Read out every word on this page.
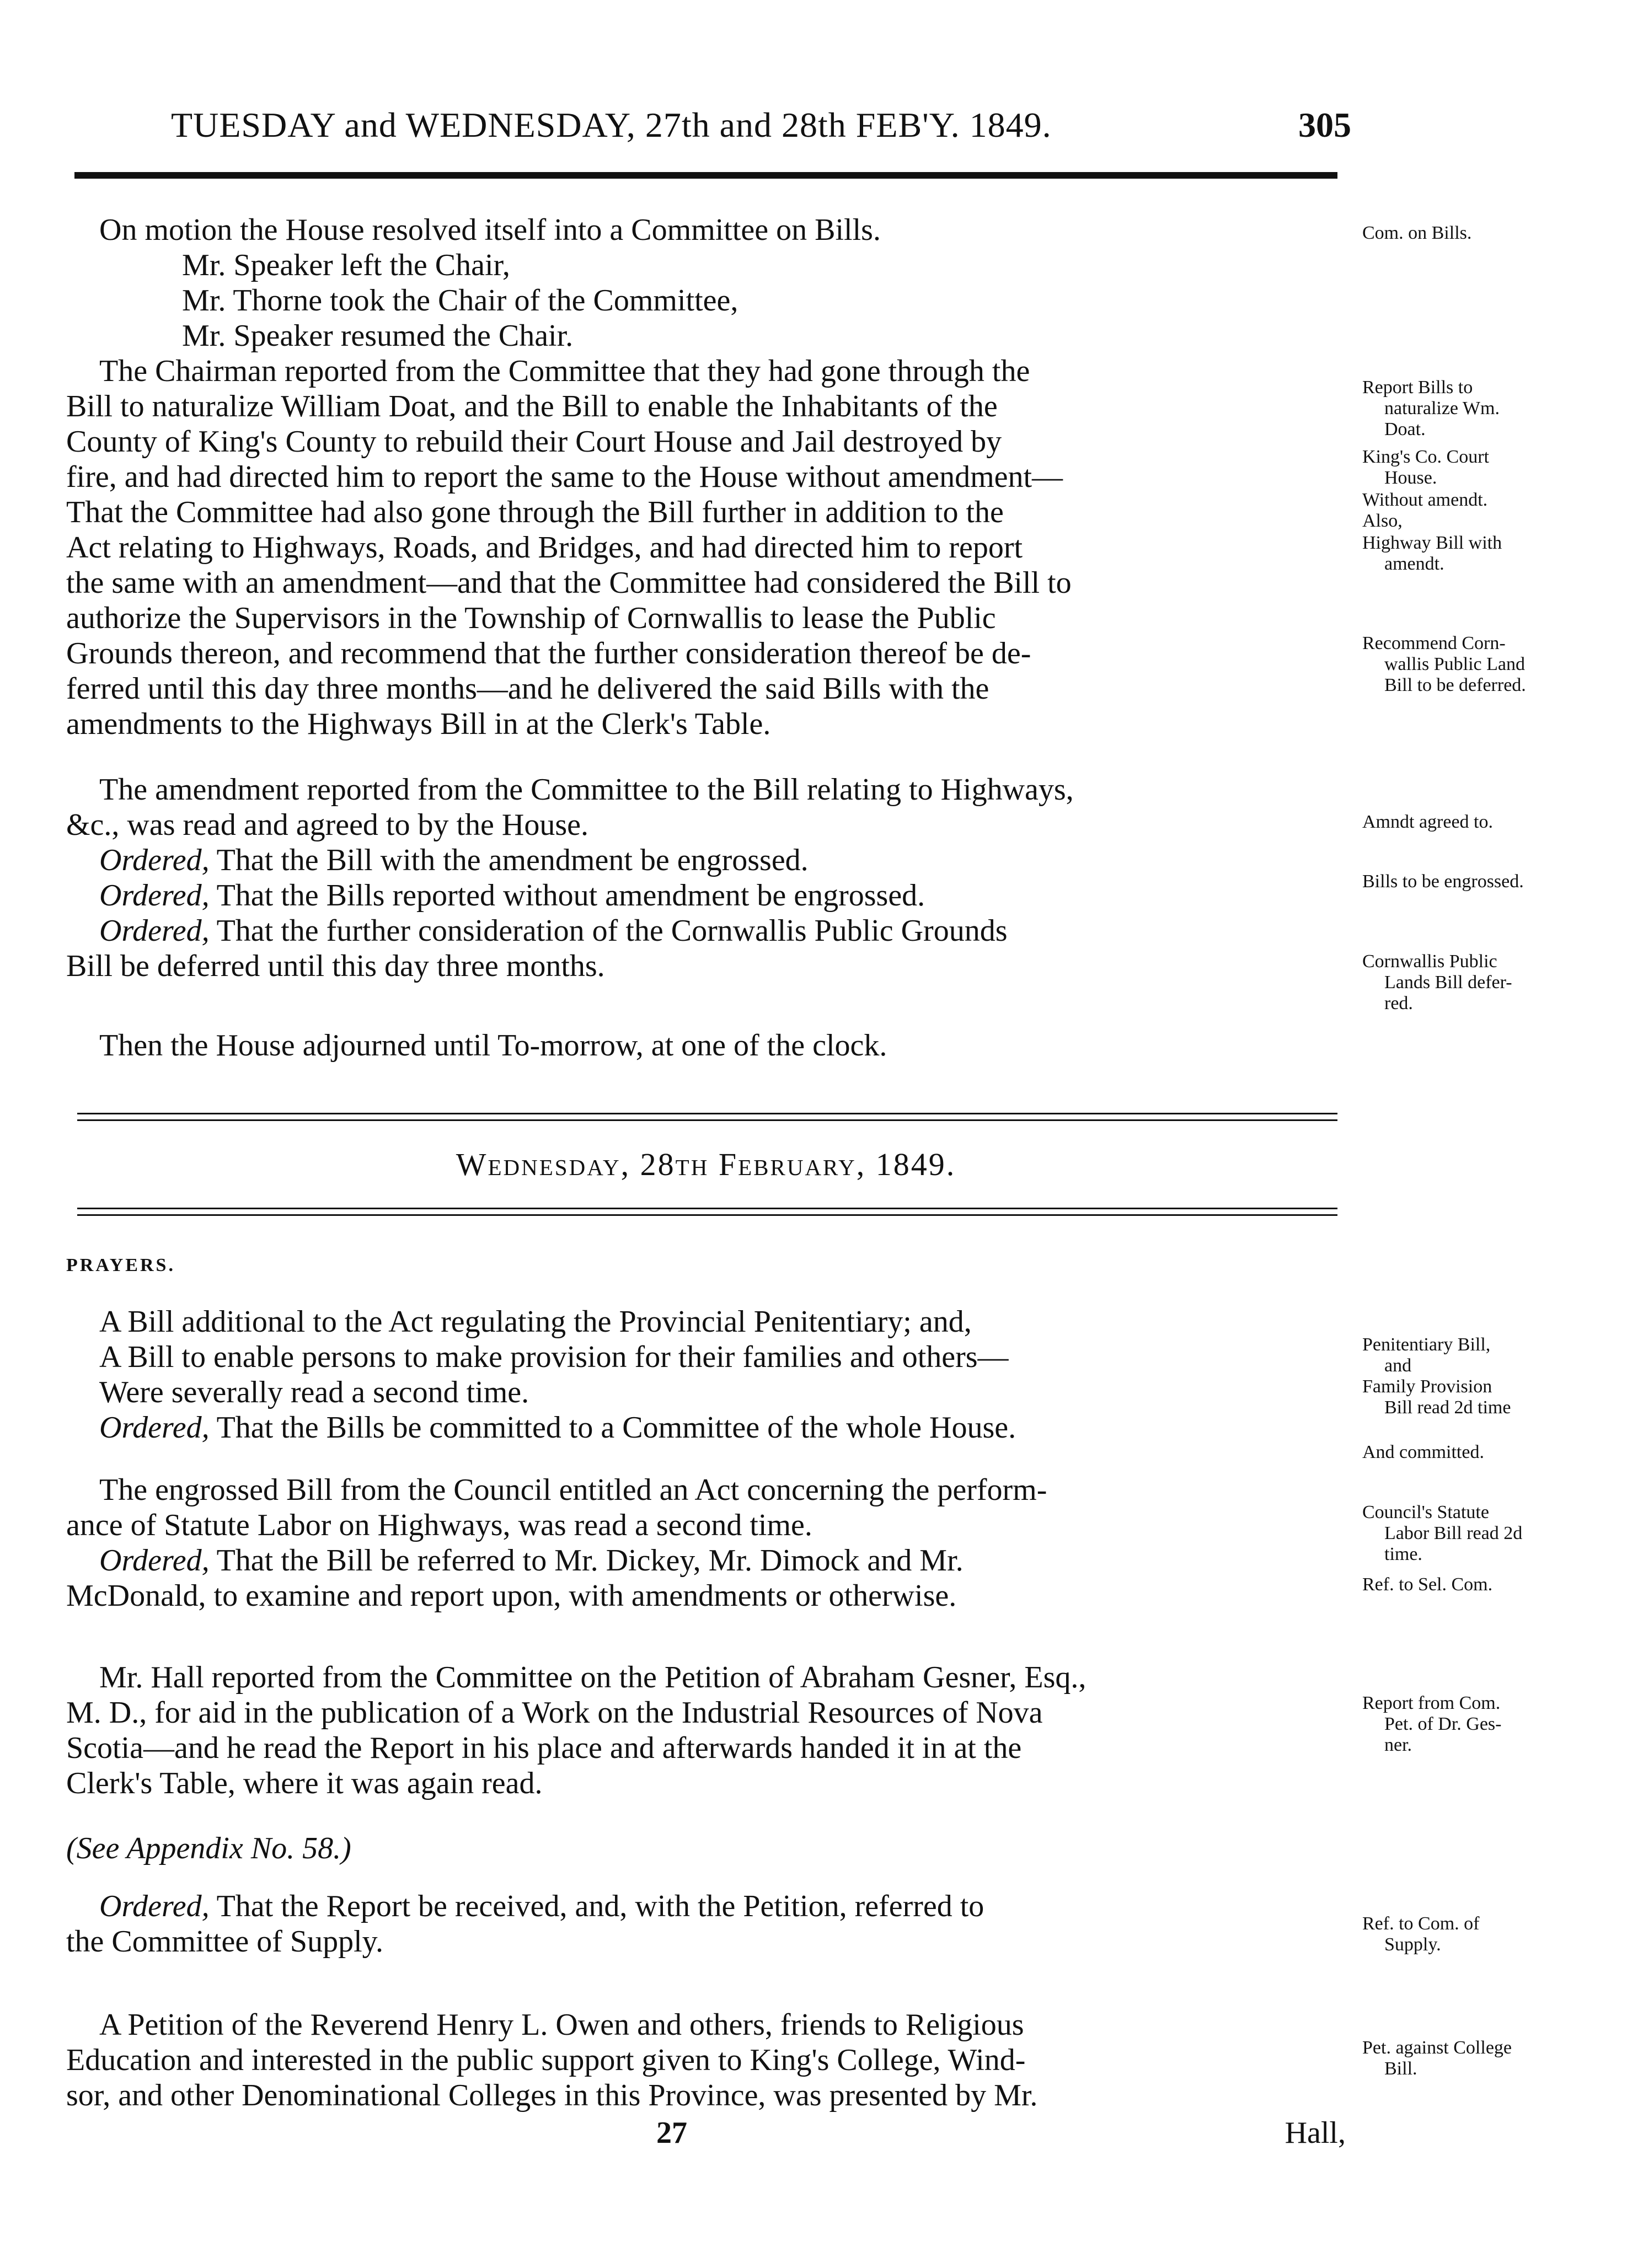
TUESDAY and WEDNESDAY, 27th and 28th FEB'Y. 1849.	305
On motion the House resolved itself into a Committee on Bills.
Mr. Speaker left the Chair,
Mr. Thorne took the Chair of the Committee,
Mr. Speaker resumed the Chair.
The Chairman reported from the Committee that they had gone through the
Bill to naturalize William Doat, and the Bill to enable the Inhabitants of the
County of King's County to rebuild their Court House and Jail destroyed by
fire, and had directed him to report the same to the House without amendment—
That the Committee had also gone through the Bill further in addition to the
Act relating to Highways, Roads, and Bridges, and had directed him to report
the same with an amendment—and that the Committee had considered the Bill to
authorize the Supervisors in the Township of Cornwallis to lease the Public
Grounds thereon, and recommend that the further consideration thereof be de-
ferred until this day three months—and he delivered the said Bills with the
amendments to the Highways Bill in at the Clerk's Table.
The amendment reported from the Committee to the Bill relating to Highways,
&c., was read and agreed to by the House.
Ordered, That the Bill with the amendment be engrossed.
Ordered, That the Bills reported without amendment be engrossed.
Ordered, That the further consideration of the Cornwallis Public Grounds
Bill be deferred until this day three months.
Then the House adjourned until To-morrow, at one of the clock.
Wednesday, 28th February, 1849.
PRAYERS.
A Bill additional to the Act regulating the Provincial Penitentiary; and,
A Bill to enable persons to make provision for their families and others—
Were severally read a second time.
Ordered, That the Bills be committed to a Committee of the whole House.
The engrossed Bill from the Council entitled an Act concerning the perform-
ance of Statute Labor on Highways, was read a second time.
Ordered, That the Bill be referred to Mr. Dickey, Mr. Dimock and Mr.
McDonald, to examine and report upon, with amendments or otherwise.
Mr. Hall reported from the Committee on the Petition of Abraham Gesner, Esq.,
M. D., for aid in the publication of a Work on the Industrial Resources of Nova
Scotia—and he read the Report in his place and afterwards handed it in at the
Clerk's Table, where it was again read.
(See Appendix No. 58.)
Ordered, That the Report be received, and, with the Petition, referred to
the Committee of Supply.
A Petition of the Reverend Henry L. Owen and others, friends to Religious
Education and interested in the public support given to King's College, Wind-
sor, and other Denominational Colleges in this Province, was presented by Mr.
27	Hall,
Com. on Bills.
Report Bills to
naturalize Wm.
Doat.
King's Co. Court
House.
Without amendt.
Also,
Highway Bill with
amendt.
Recommend Corn-
wallis Public Land
Bill to be deferred.
Amndt agreed to.
Bills to be engrossed.
Cornwallis Public
Lands Bill defer-
red.
Penitentiary Bill,
and
Family Provision
Bill read 2d time
And committed.
Council's Statute
Labor Bill read 2d
time.
Ref. to Sel. Com.
Report from Com.
Pet. of Dr. Ges-
ner.
Ref. to Com. of
Supply.
Pet. against College
Bill.
